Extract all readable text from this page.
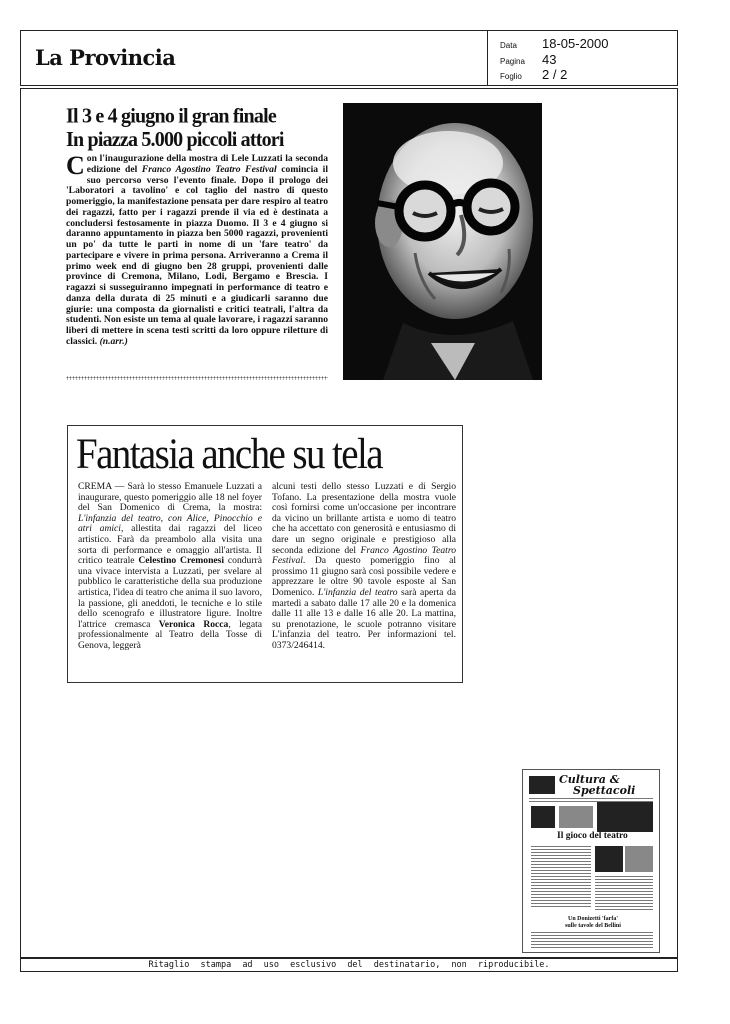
La Provincia	Data 18-05-2000
Pagina 43
Foglio 2 / 2
Il 3 e 4 giugno il gran finale
In piazza 5.000 piccoli attori
Con l'inaugurazione della mostra di Lele Luzzati la seconda edizione del Franco Agostino Teatro Festival comincia il suo percorso verso l'evento finale. Dopo il prologo dei 'Laboratori a tavolino' e col taglio del nastro di questo pomeriggio, la manifestazione pensata per dare respiro al teatro dei ragazzi, fatto per i ragazzi prende il via ed è destinata a concludersi festosamente in piazza Duomo. Il 3 e 4 giugno si daranno appuntamento in piazza ben 5000 ragazzi, provenienti un po' da tutte le parti in nome di un 'fare teatro' da partecipare e vivere in prima persona. Arriveranno a Crema il primo week end di giugno ben 28 gruppi, provenienti dalle province di Cremona, Milano, Lodi, Bergamo e Brescia. I ragazzi si susseguiranno impegnati in performance di teatro e danza della durata di 25 minuti e a giudicarli saranno due giurie: una composta da giornalisti e critici teatrali, l'altra da studenti. Non esiste un tema al quale lavorare, i ragazzi saranno liberi di mettere in scena testi scritti da loro oppure riletture di classici. (n.arr.)
Fantasia anche su tela
CREMA — Sarà lo stesso Emanuele Luzzati a inaugurare, questo pomeriggio alle 18 nel foyer del San Domenico di Crema, la mostra: L'infanzia del teatro, con Alice, Pinocchio e atri amici, allestita dai ragazzi del liceo artistico. Farà da preambolo alla visita una sorta di performance e omaggio all'artista. Il critico teatrale Celestino Cremonesi condurrà una vivace intervista a Luzzati, per svelare al pubblico le caratteristiche della sua produzione artistica, l'idea di teatro che anima il suo lavoro, la passione, gli aneddoti, le tecniche e lo stile dello scenografo e illustratore ligure. Inoltre l'attrice cremasca Veronica Rocca, legata professionalmente al Teatro della Tosse di Genova, leggerà
alcuni testi dello stesso Luzzati e di Sergio Tofano. La presentazione della mostra vuole così fornirsi come un'occasione per incontrare da vicino un brillante artista e uomo di teatro che ha accettato con generosità e entusiasmo di dare un segno originale e prestigioso alla seconda edizione del Franco Agostino Teatro Festival. Da questo pomeriggio fino al prossimo 11 giugno sarà così possibile vedere e apprezzare le oltre 90 tavole esposte al San Domenico. L'infanzia del teatro sarà aperta da martedì a sabato dalle 17 alle 20 e la domenica dalle 11 alle 13 e dalle 16 alle 20. La mattina, su prenotazione, le scuole potranno visitare L'infanzia del teatro. Per informazioni tel. 0373/246414.
Cultura &
Spettacoli
Il gioco del teatro
Un Donizetti 'farfa'
sulle tavole del Bellini
Ritaglio stampa ad uso esclusivo del destinatario, non riproducibile.
